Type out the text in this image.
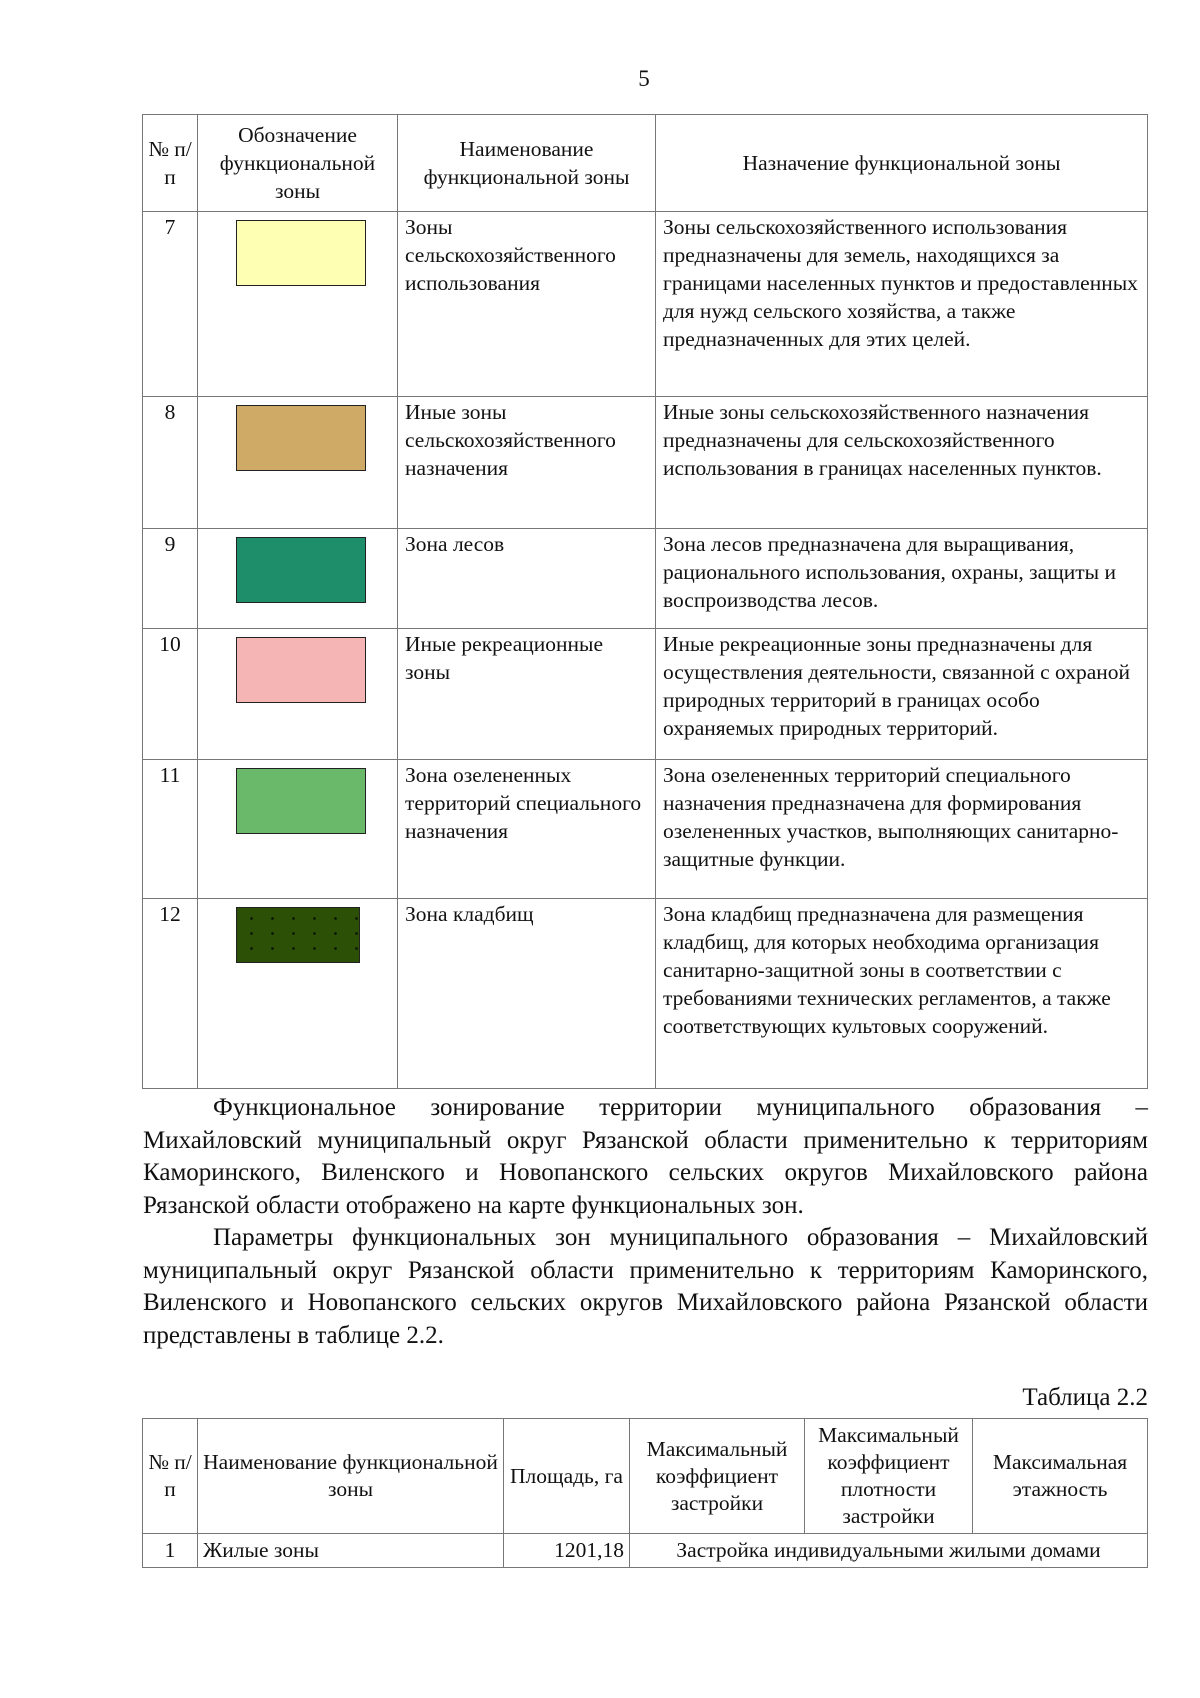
5
№ п/п	Обозначение функциональной зоны	Наименование функциональной зоны	Назначение функциональной зоны
7		Зоны сельскохозяйственного использования	Зоны сельскохозяйственного использования предназначены для земель, находящихся за границами населенных пунктов и предоставленных для нужд сельского хозяйства, а также предназначенных для этих целей.
8		Иные зоны сельскохозяйственного назначения	Иные зоны сельскохозяйственного назначения предназначены для сельскохозяйственного использования в границах населенных пунктов.
9		Зона лесов	Зона лесов предназначена для выращивания, рационального использования, охраны, защиты и воспроизводства лесов.
10		Иные рекреационные зоны	Иные рекреационные зоны предназначены для осуществления деятельности, связанной с охраной природных территорий в границах особо охраняемых природных территорий.
11		Зона озелененных территорий специального назначения	Зона озелененных территорий специального назначения предназначена для формирования озелененных участков, выполняющих санитарно-защитные функции.
12		Зона кладбищ	Зона кладбищ предназначена для размещения кладбищ, для которых необходима организация санитарно-защитной зоны в соответствии с требованиями технических регламентов, а также соответствующих культовых сооружений.

Функциональное зонирование территории муниципального образования – Михайловский муниципальный округ Рязанской области применительно к территориям Каморинского, Виленского и Новопанского сельских округов Михайловского района Рязанской области отображено на карте функциональных зон.

Параметры функциональных зон муниципального образования – Михайловский муниципальный округ Рязанской области применительно к территориям Каморинского, Виленского и Новопанского сельских округов Михайловского района Рязанской области представлены в таблице 2.2.

Таблица 2.2
№ п/п	Наименование функциональной зоны	Площадь, га	Максимальный коэффициент застройки	Максимальный коэффициент плотности застройки	Максимальная этажность
1	Жилые зоны	1201,18	Застройка индивидуальными жилыми домами		
